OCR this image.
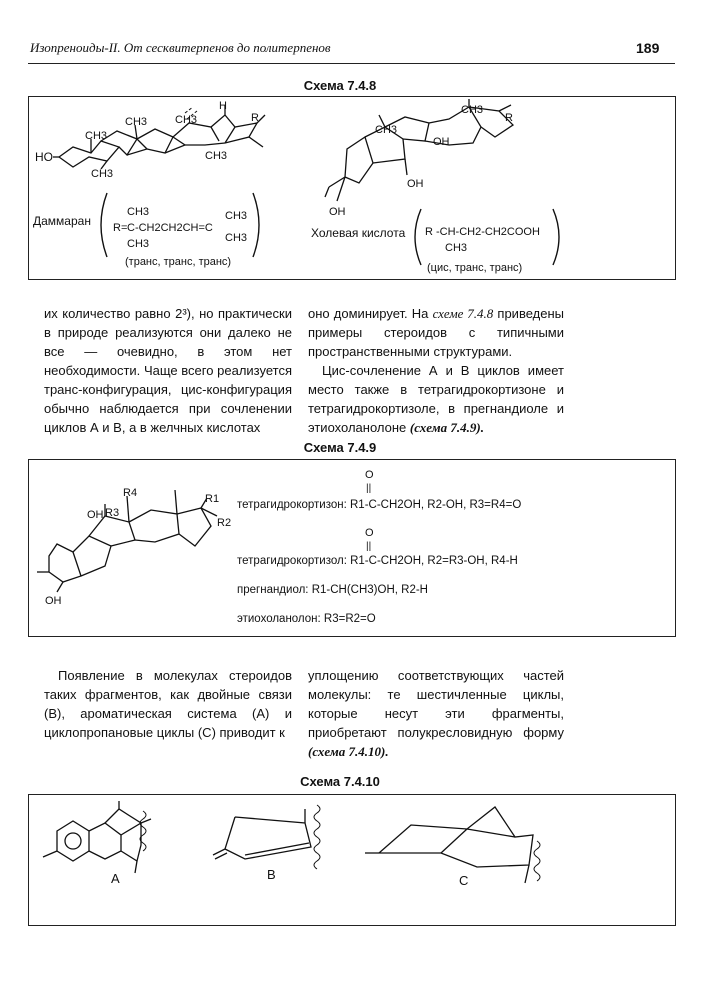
Изопреноиды-II. От сесквитерпенов до политерпенов	189
Схема 7.4.8
HO
CH3
CH3
CH3	CH3
CH3
H
R
Даммаран R=
CH3
C-CH2CH2CH=C
CH3
CH3
CH3
(транс, транс, транс)
CH3
CH3
R
OH
OH
OH
Холевая кислота R -CH-CH2-CH2COOH
CH3
(цис, транс, транс)
их количество равно 2³), но практически в природе реализуются они далеко не все — очевидно, в этом нет необходимости. Чаще всего реализуется транс-конфигурация, цис-конфигурация обычно наблюдается при сочленении циклов А и В, а в желчных кислотах
оно доминирует. На схеме 7.4.8 приведены примеры стероидов с типичными пространственными структурами.
Цис-сочленение А и В циклов имеет место также в тетрагидрокортизоне и тетрагидрокортизоле, в прегнандиоле и этиохоланолоне (схема 7.4.9).
Схема 7.4.9
OH
OH
R4
R3
R1
R2
O
||
тетрагидрокортизон: R1-C-CH2OH, R2-OH, R3=R4=O
O
||
тетрагидрокортизол: R1-C-CH2OH, R2=R3-OH, R4-H
прегнандиол: R1-CH(CH3)OH, R2-H
этиохоланолон: R3=R2=O
Появление в молекулах стероидов таких фрагментов, как двойные связи (В), ароматическая система (А) и циклопропановые циклы (С) приводит к
уплощению соответствующих частей молекулы: те шестичленные циклы, которые несут эти фрагменты, приобретают полукресловидную форму (схема 7.4.10).
Схема 7.4.10
A	B	C
